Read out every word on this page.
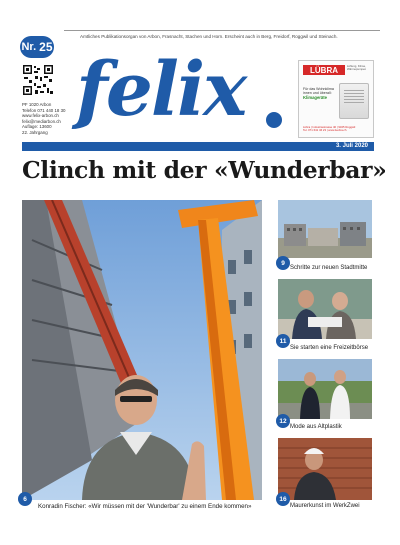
Amtliches Publikationsorgan von Arbon, Frasnacht, Stachen und Horn. Erscheint auch in Berg, Freidorf, Roggwil und Steinach.
Nr. 25
PF 1020 Arbon
Telefon 071 440 18 30
www.felix-arbon.ch
felix@mediarbon.ch
Auflage: 13600
22. Jahrgang felix	LÜBRA	Lüftung, Klima, Wärmepumpen
Für das Wohnklima
innen und überall:
Klimageräte
Lübra | Industriestrasse 40 | 9325 Roggwil
Tel. 071 641 46 23 | www.luebra.ch
3. Juli 2020
Clinch mit der «Wunderbar»
6
Konradin Fischer: «Wir müssen mit der 'Wunderbar' zu einem Ende kommen»
9
Schritte zur neuen Stadtmitte
11
Sie starten eine Freizeitbörse
12
Mode aus Altplastik
16
Maurerkunst im WerkZwei
